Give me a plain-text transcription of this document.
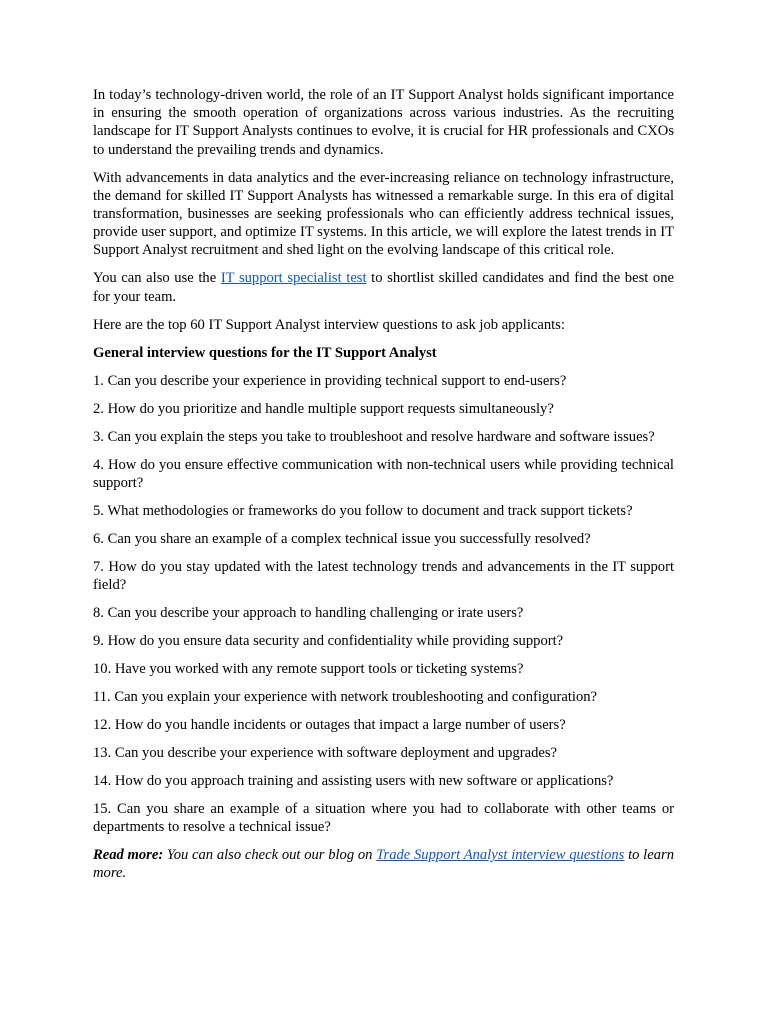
In today’s technology-driven world, the role of an IT Support Analyst holds significant importance in ensuring the smooth operation of organizations across various industries. As the recruiting landscape for IT Support Analysts continues to evolve, it is crucial for HR professionals and CXOs to understand the prevailing trends and dynamics.

With advancements in data analytics and the ever-increasing reliance on technology infrastructure, the demand for skilled IT Support Analysts has witnessed a remarkable surge. In this era of digital transformation, businesses are seeking professionals who can efficiently address technical issues, provide user support, and optimize IT systems. In this article, we will explore the latest trends in IT Support Analyst recruitment and shed light on the evolving landscape of this critical role.

You can also use the IT support specialist test to shortlist skilled candidates and find the best one for your team.

Here are the top 60 IT Support Analyst interview questions to ask job applicants:

General interview questions for the IT Support Analyst

1. Can you describe your experience in providing technical support to end-users?

2. How do you prioritize and handle multiple support requests simultaneously?

3. Can you explain the steps you take to troubleshoot and resolve hardware and software issues?

4. How do you ensure effective communication with non-technical users while providing technical support?

5. What methodologies or frameworks do you follow to document and track support tickets?

6. Can you share an example of a complex technical issue you successfully resolved?

7. How do you stay updated with the latest technology trends and advancements in the IT support field?

8. Can you describe your approach to handling challenging or irate users?

9. How do you ensure data security and confidentiality while providing support?

10. Have you worked with any remote support tools or ticketing systems?

11. Can you explain your experience with network troubleshooting and configuration?

12. How do you handle incidents or outages that impact a large number of users?

13. Can you describe your experience with software deployment and upgrades?

14. How do you approach training and assisting users with new software or applications?

15. Can you share an example of a situation where you had to collaborate with other teams or departments to resolve a technical issue?

Read more: You can also check out our blog on Trade Support Analyst interview questions to learn more.
